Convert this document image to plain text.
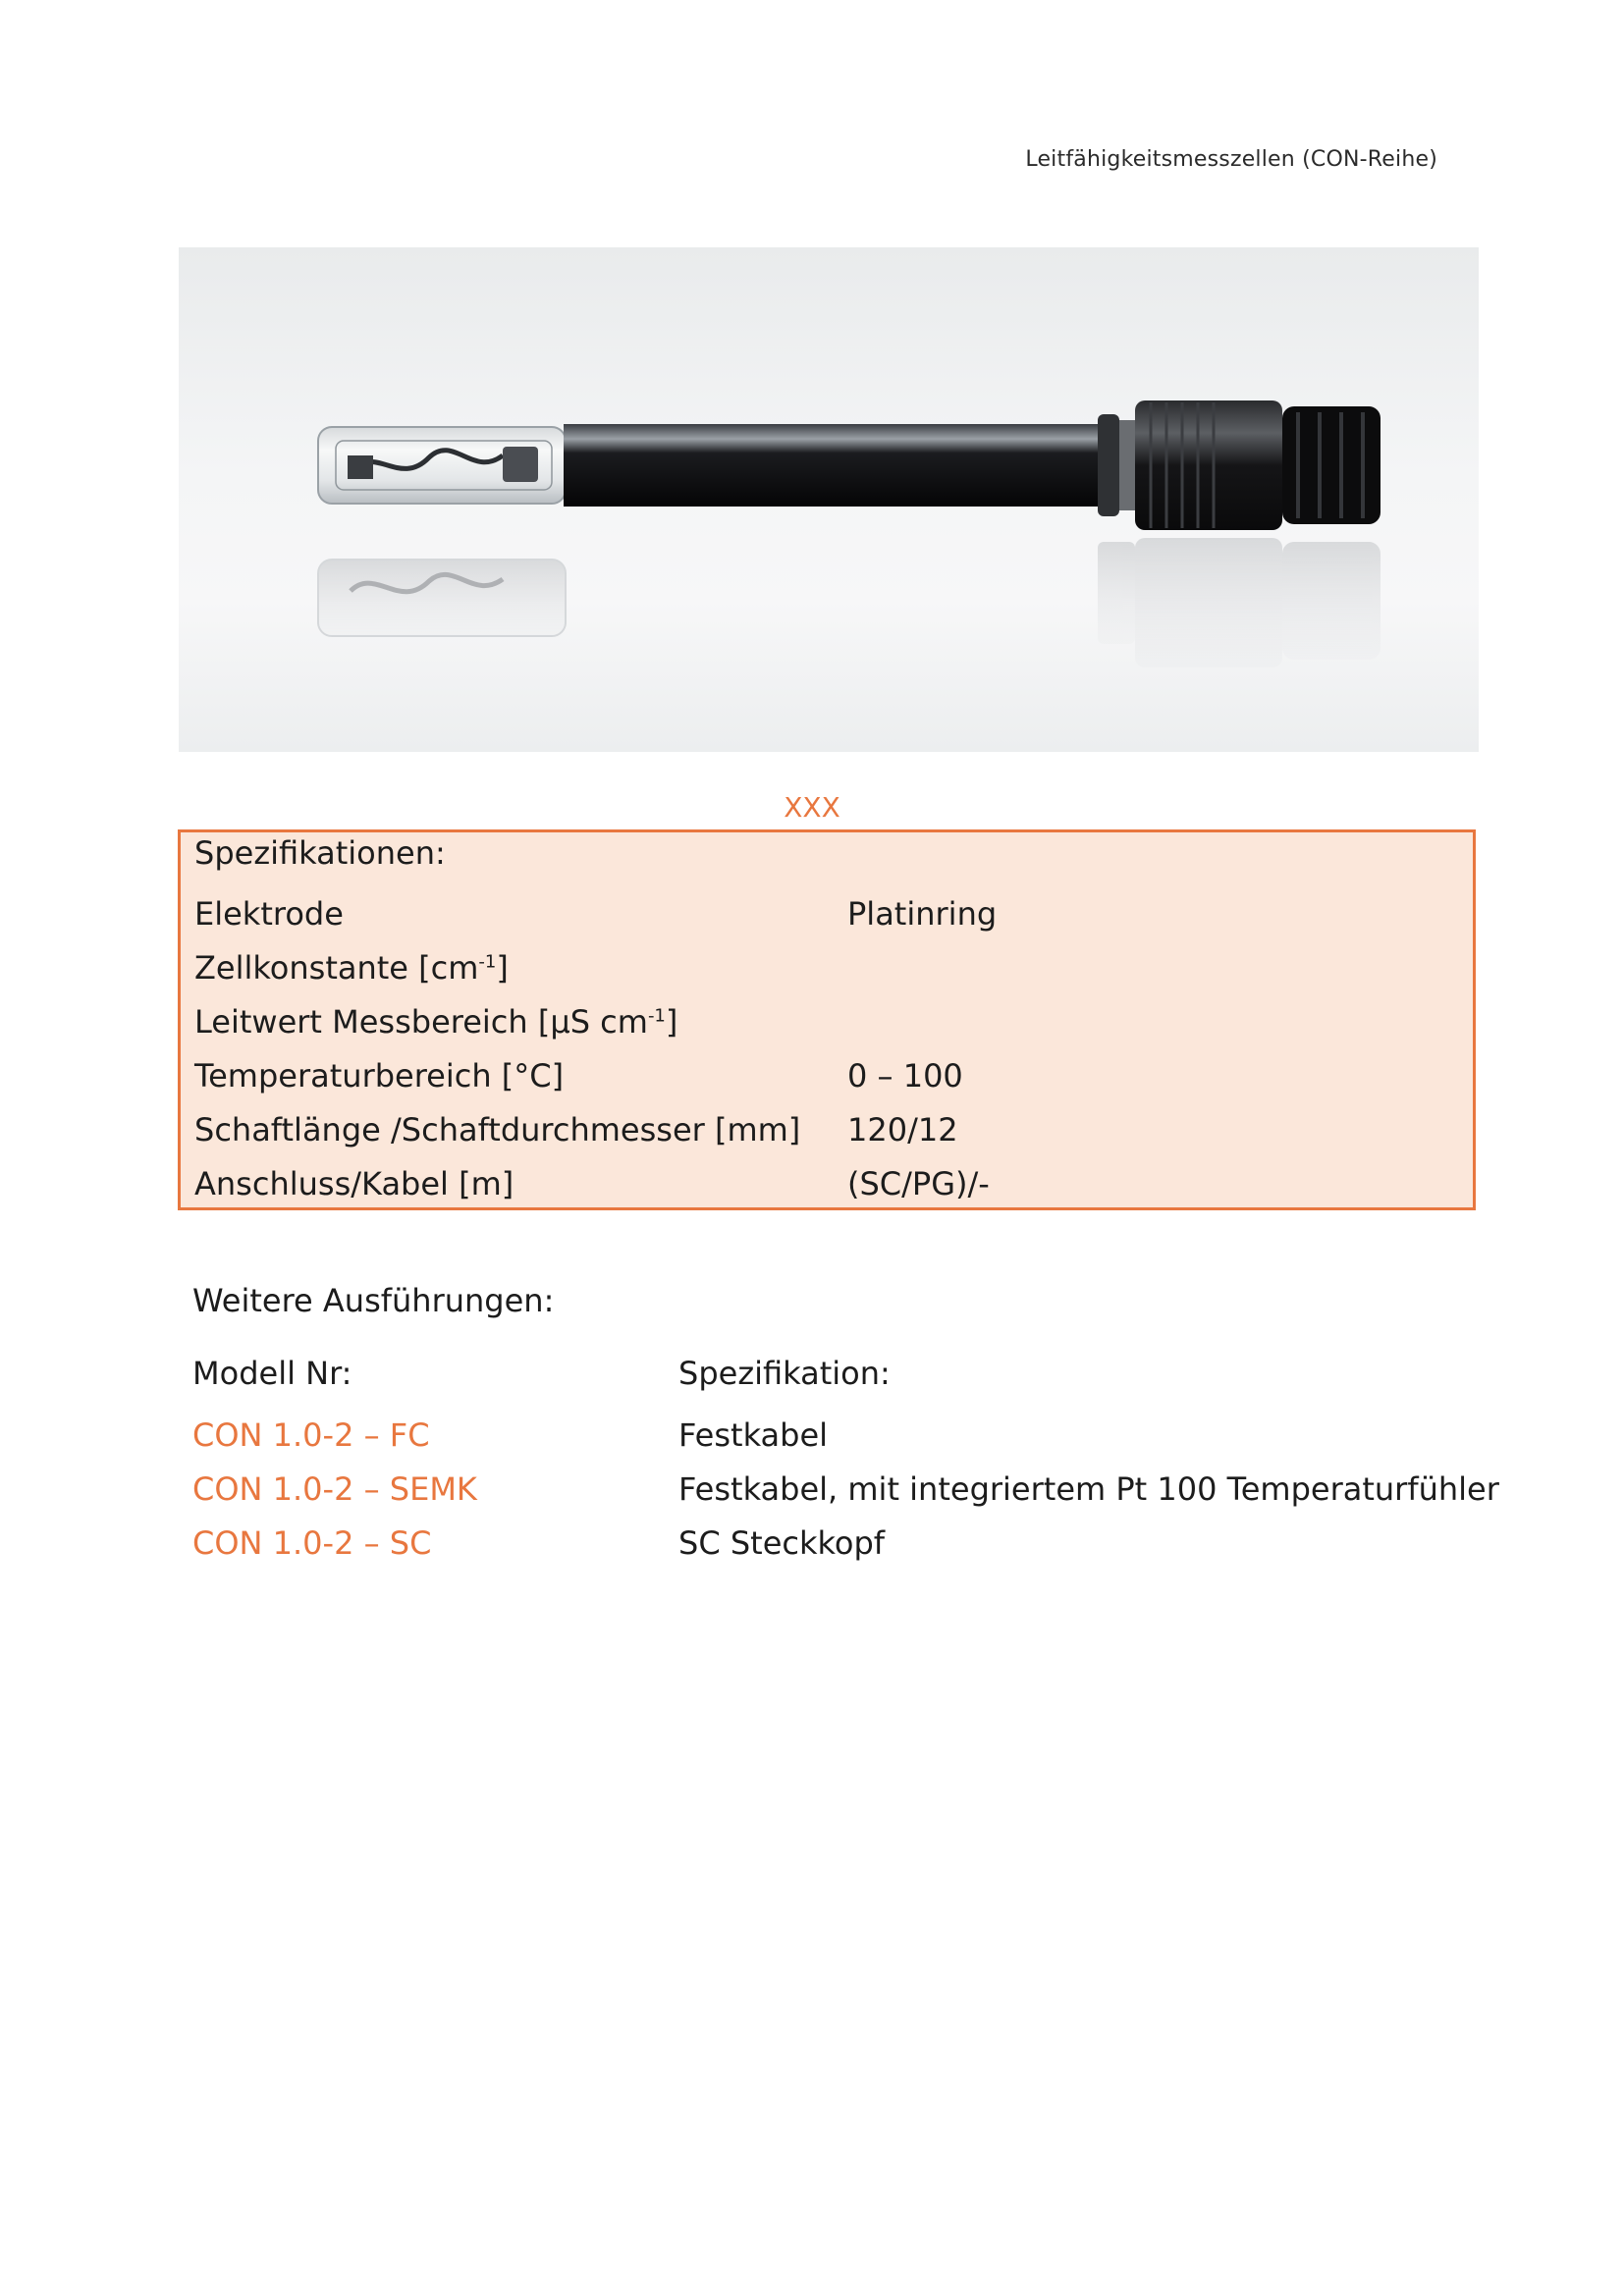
Leitfähigkeitsmesszellen (CON-Reihe)
XXX
Spezifikationen:
Elektrode	Platinring
Zellkonstante $[cm^{-1}]$
Leitwert Messbereich [µS $cm^{-1}$]
Temperaturbereich [°C]	0 – 100
Schaftlänge /Schaftdurchmesser [mm] 120/12
Anschluss/Kabel [m]	(SC/PG)/-
Weitere Ausführungen:
Modell Nr:	Spezifikation:
CON 1.0-2 – FC	Festkabel
CON 1.0-2 – SEMK	Festkabel, mit integriertem Pt 100 Temperaturfühler
CON 1.0-2 – SC	SC Steckkopf
